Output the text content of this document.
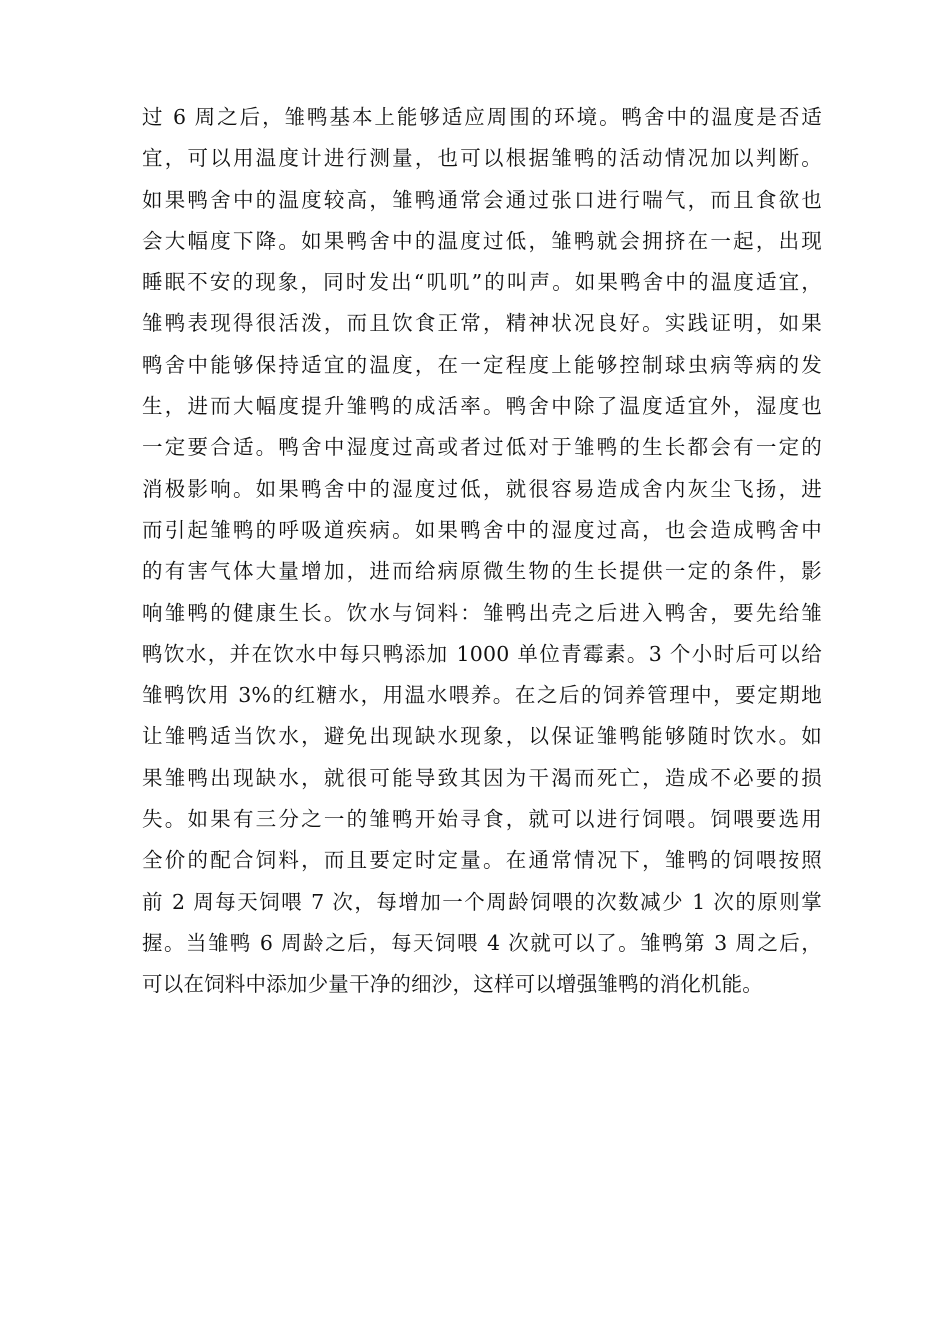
过 6 周之后，雏鸭基本上能够适应周围的环境。鸭舍中的温度是否适
宜，可以用温度计进行测量，也可以根据雏鸭的活动情况加以判断。
如果鸭舍中的温度较高，雏鸭通常会通过张口进行喘气，而且食欲也
会大幅度下降。如果鸭舍中的温度过低，雏鸭就会拥挤在一起，出现
睡眠不安的现象，同时发出“叽叽”的叫声。如果鸭舍中的温度适宜，
雏鸭表现得很活泼，而且饮食正常，精神状况良好。实践证明，如果
鸭舍中能够保持适宜的温度，在一定程度上能够控制球虫病等病的发
生，进而大幅度提升雏鸭的成活率。鸭舍中除了温度适宜外，湿度也
一定要合适。鸭舍中湿度过高或者过低对于雏鸭的生长都会有一定的
消极影响。如果鸭舍中的湿度过低，就很容易造成舍内灰尘飞扬，进
而引起雏鸭的呼吸道疾病。如果鸭舍中的湿度过高，也会造成鸭舍中
的有害气体大量增加，进而给病原微生物的生长提供一定的条件，影
响雏鸭的健康生长。饮水与饲料：雏鸭出壳之后进入鸭舍，要先给雏
鸭饮水，并在饮水中每只鸭添加 1000 单位青霉素。3 个小时后可以给
雏鸭饮用 3%的红糖水，用温水喂养。在之后的饲养管理中，要定期地
让雏鸭适当饮水，避免出现缺水现象，以保证雏鸭能够随时饮水。如
果雏鸭出现缺水，就很可能导致其因为干渴而死亡，造成不必要的损
失。如果有三分之一的雏鸭开始寻食，就可以进行饲喂。饲喂要选用
全价的配合饲料，而且要定时定量。在通常情况下，雏鸭的饲喂按照
前 2 周每天饲喂 7 次，每增加一个周龄饲喂的次数减少 1 次的原则掌
握。当雏鸭 6 周龄之后，每天饲喂 4 次就可以了。雏鸭第 3 周之后，
可以在饲料中添加少量干净的细沙，这样可以增强雏鸭的消化机能。
